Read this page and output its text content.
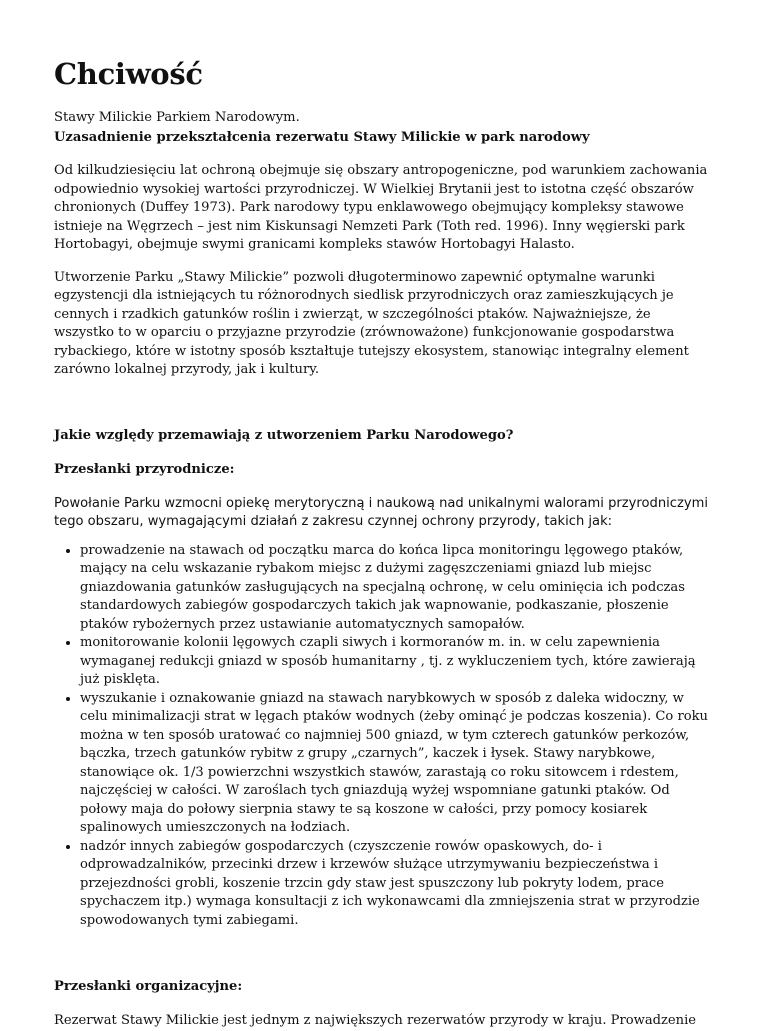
Chciwość
Stawy Milickie Parkiem Narodowym.
Uzasadnienie przekształcenia rezerwatu Stawy Milickie w park narodowy

Od kilkudziesięciu lat ochroną obejmuje się obszary antropogeniczne, pod warunkiem zachowania odpowiednio wysokiej wartości przyrodniczej. W Wielkiej Brytanii jest to istotna część obszarów chronionych (Duffey 1973). Park narodowy typu enklawowego obejmujący kompleksy stawowe istnieje na Węgrzech – jest nim Kiskunsagi Nemzeti Park (Toth red. 1996). Inny węgierski park Hortobagyi, obejmuje swymi granicami kompleks stawów Hortobagyi Halasto.

Utworzenie Parku „Stawy Milickie” pozwoli długoterminowo zapewnić optymalne warunki egzystencji dla istniejących tu różnorodnych siedlisk przyrodniczych oraz zamieszkujących je cennych i rzadkich gatunków roślin i zwierząt, w szczególności ptaków. Najważniejsze, że wszystko to w oparciu o przyjazne przyrodzie (zrównoważone) funkcjonowanie gospodarstwa rybackiego, które w istotny sposób kształtuje tutejszy ekosystem, stanowiąc integralny element zarówno lokalnej przyrody, jak i kultury.

Jakie względy przemawiają z utworzeniem Parku Narodowego?

Przesłanki przyrodnicze:

Powołanie Parku wzmocni opiekę merytoryczną i naukową nad unikalnymi walorami przyrodniczymi tego obszaru, wymagającymi działań z zakresu czynnej ochrony przyrody, takich jak:

• prowadzenie na stawach od początku marca do końca lipca monitoringu lęgowego ptaków, mający na celu wskazanie rybakom miejsc z dużymi zagęszczeniami gniazd lub miejsc gniazdowania gatunków zasługujących na specjalną ochronę, w celu ominięcia ich podczas standardowych zabiegów gospodarczych takich jak wapnowanie, podkaszanie, płoszenie ptaków rybożernych przez ustawianie automatycznych samopałów.
• monitorowanie kolonii lęgowych czapli siwych i kormoranów m. in. w celu zapewnienia wymaganej redukcji gniazd w sposób humanitarny , tj. z wykluczeniem tych, które zawierają już pisklęta.
• wyszukanie i oznakowanie gniazd na stawach narybkowych w sposób z daleka widoczny, w celu minimalizacji strat w lęgach ptaków wodnych (żeby ominąć je podczas koszenia). Co roku można w ten sposób uratować co najmniej 500 gniazd, w tym czterech gatunków perkozów, bączka, trzech gatunków rybitw z grupy „czarnych”, kaczek i łysek. Stawy narybkowe, stanowiące ok. 1/3 powierzchni wszystkich stawów, zarastają co roku sitowcem i rdestem, najczęściej w całości. W zaroślach tych gniazdują wyżej wspomniane gatunki ptaków. Od połowy maja do połowy sierpnia stawy te są koszone w całości, przy pomocy kosiarek spalinowych umieszczonych na łodziach.
• nadzór innych zabiegów gospodarczych (czyszczenie rowów opaskowych, do- i odprowadzalników, przecinki drzew i krzewów służące utrzymywaniu bezpieczeństwa i przejezdności grobli, koszenie trzcin gdy staw jest spuszczony lub pokryty lodem, prace spychaczem itp.) wymaga konsultacji z ich wykonawcami dla zmniejszenia strat w przyrodzie spowodowanych tymi zabiegami.

Przesłanki organizacyjne:

Rezerwat Stawy Milickie jest jednym z największych rezerwatów przyrody w kraju. Prowadzenie
